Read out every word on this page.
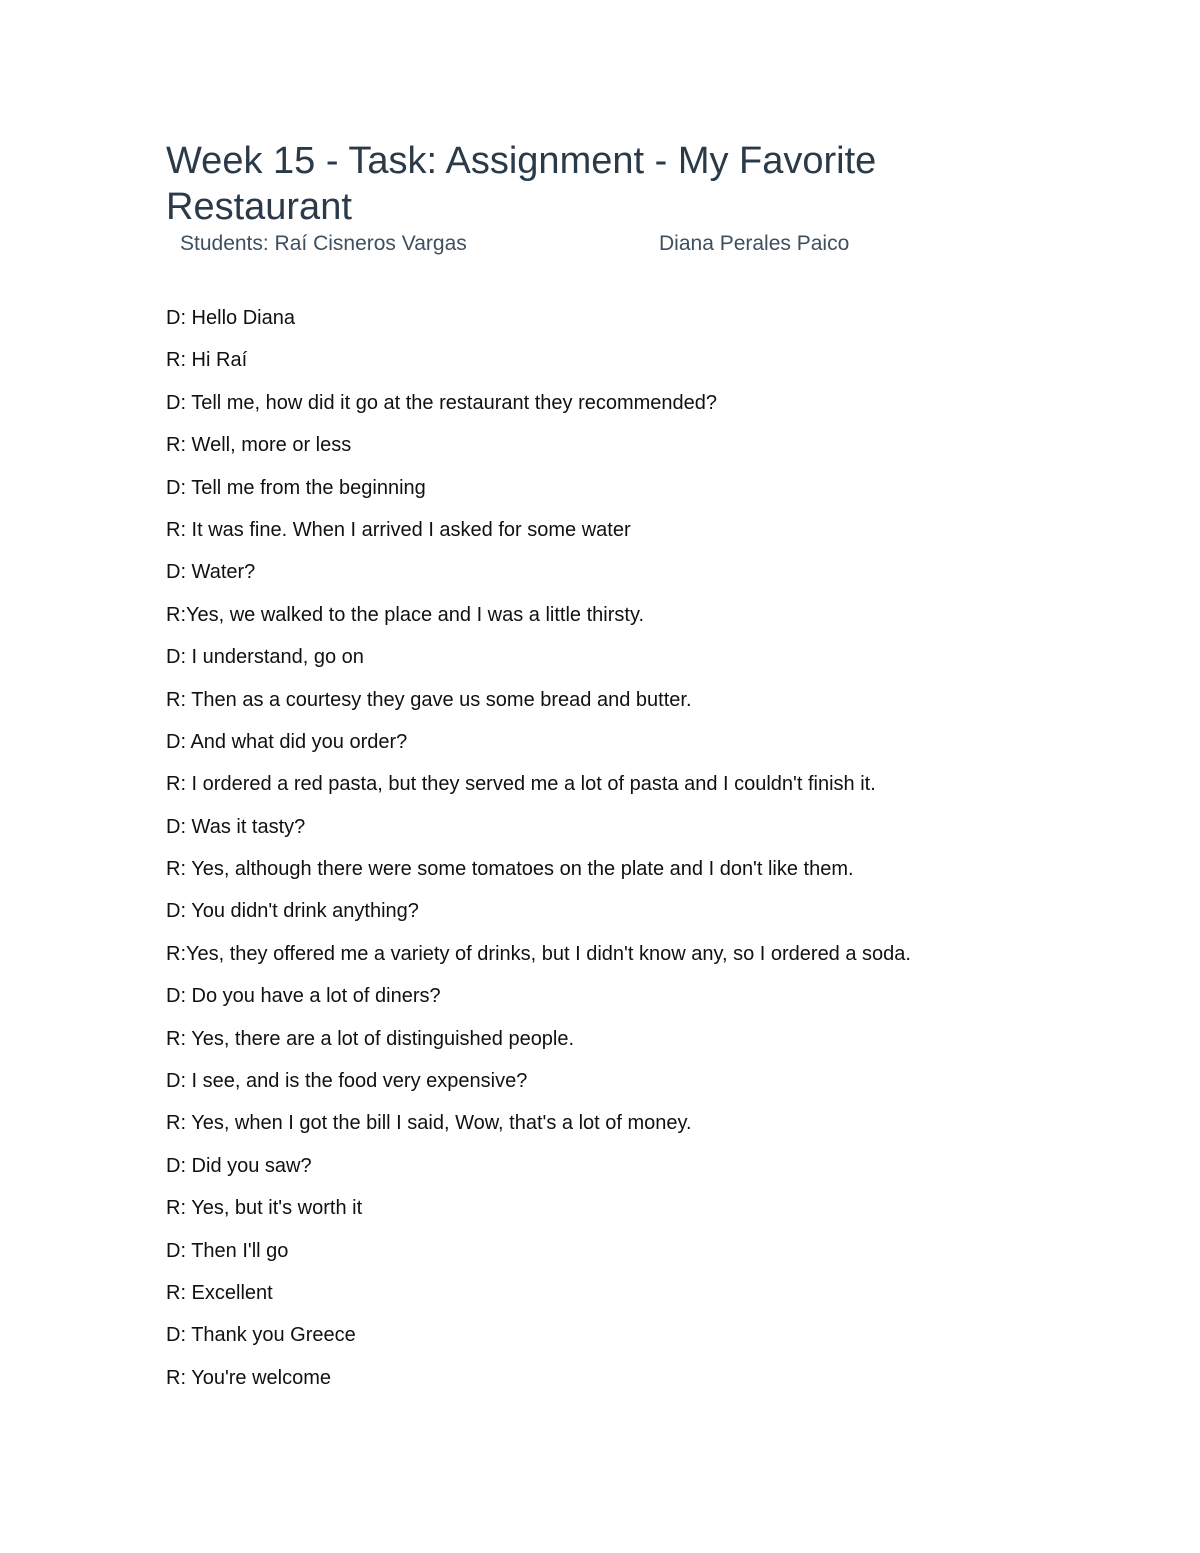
Week 15 - Task: Assignment - My Favorite Restaurant
Students: Raí Cisneros Vargas	Diana Perales Paico
D: Hello Diana
R: Hi Raí
D: Tell me, how did it go at the restaurant they recommended?
R: Well, more or less
D: Tell me from the beginning
R: It was fine. When I arrived I asked for some water
D: Water?
R:Yes, we walked to the place and I was a little thirsty.
D: I understand, go on
R: Then as a courtesy they gave us some bread and butter.
D: And what did you order?
R: I ordered a red pasta, but they served me a lot of pasta and I couldn't finish it.
D: Was it tasty?
R: Yes, although there were some tomatoes on the plate and I don't like them.
D: You didn't drink anything?
R:Yes, they offered me a variety of drinks, but I didn't know any, so I ordered a soda.
D: Do you have a lot of diners?
R: Yes, there are a lot of distinguished people.
D: I see, and is the food very expensive?
R: Yes, when I got the bill I said, Wow, that's a lot of money.
D: Did you saw?
R: Yes, but it's worth it
D: Then I'll go
R: Excellent
D: Thank you Greece
R: You're welcome
